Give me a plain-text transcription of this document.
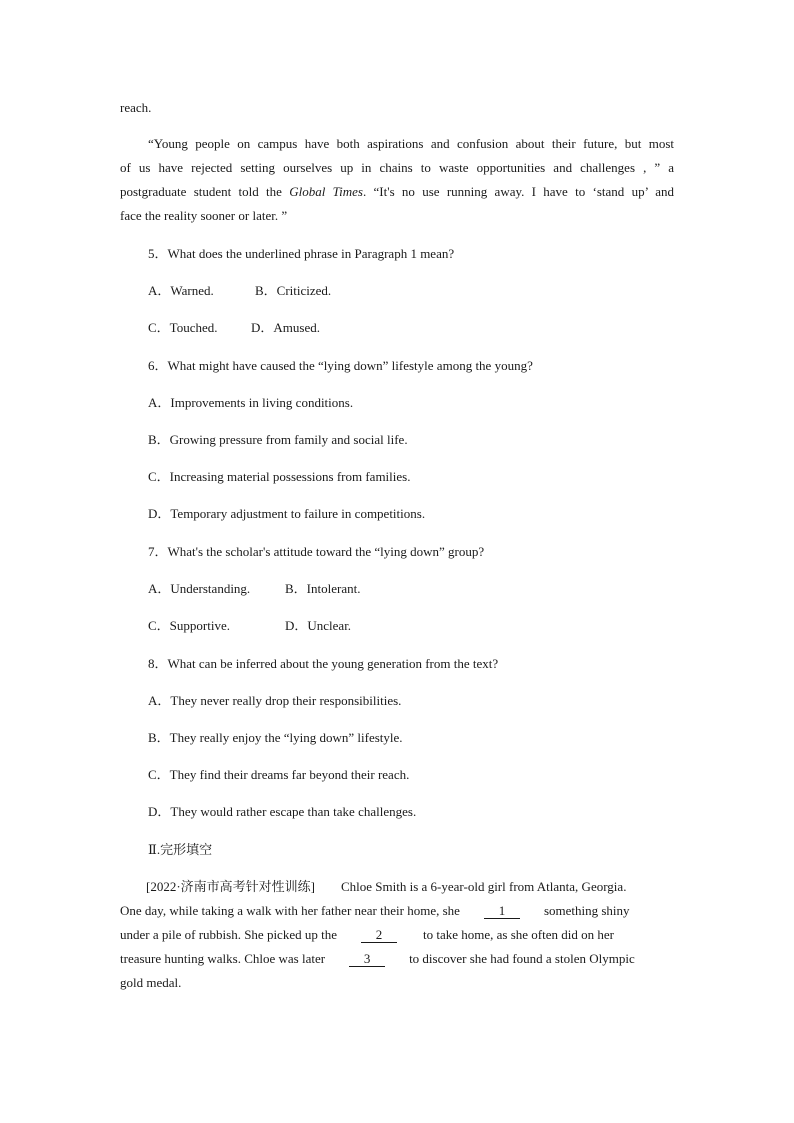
reach.
“Young people on campus have both aspirations and confusion about their future, but most
of us have rejected setting ourselves up in chains to waste opportunities and challenges , ” a
postgraduate student told the Global Times. “It's no use running away. I have to ‘stand up’ and
face the reality sooner or later. ”
5．What does the underlined phrase in Paragraph 1 mean?
A．Warned.	B．Criticized.
C．Touched.	D．Amused.
6．What might have caused the “lying down” lifestyle among the young?
A．Improvements in living conditions.
B．Growing pressure from family and social life.
C．Increasing material possessions from families.
D．Temporary adjustment to failure in competitions.
7．What's the scholar's attitude toward the “lying down” group?
A．Understanding.	B．Intolerant.
C．Supportive.	D．Unclear.
8．What can be inferred about the young generation from the text?
A．They never really drop their responsibilities.
B．They really enjoy the “lying down” lifestyle.
C．They find their dreams far beyond their reach.
D．They would rather escape than take challenges.
Ⅱ.完形填空
[2022·济南市高考针对性训练] Chloe Smith is a 6-year-old girl from Atlanta, Georgia.
One day, while taking a walk with her father near their home, she	1	something shiny
under a pile of rubbish. She picked up the	2	to take home, as she often did on her
treasure hunting walks. Chloe was later	3	to discover she had found a stolen Olympic
gold medal.
